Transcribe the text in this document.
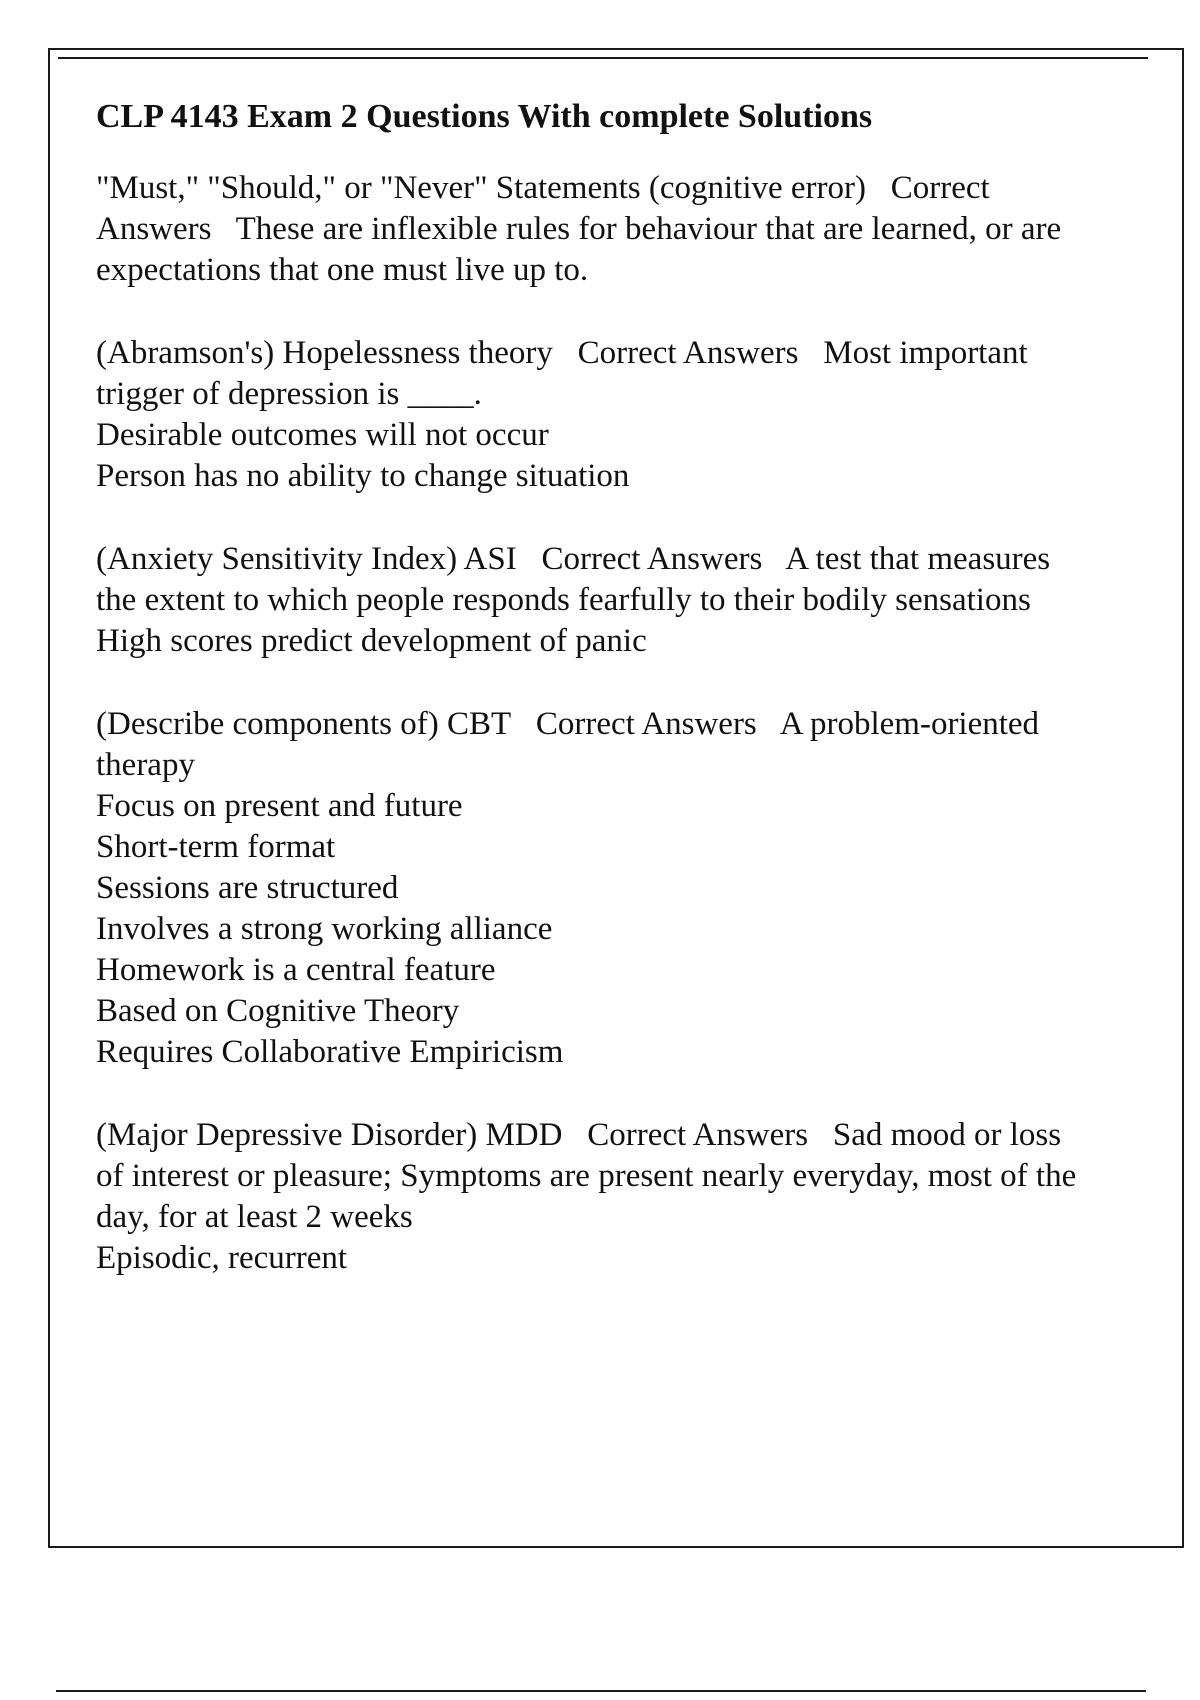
CLP 4143 Exam 2 Questions With complete Solutions
"Must," "Should," or "Never" Statements (cognitive error) Correct Answers These are inflexible rules for behaviour that are learned, or are expectations that one must live up to.
(Abramson's) Hopelessness theory Correct Answers Most important trigger of depression is ____.
Desirable outcomes will not occur
Person has no ability to change situation
(Anxiety Sensitivity Index) ASI Correct Answers A test that measures the extent to which people responds fearfully to their bodily sensations
High scores predict development of panic
(Describe components of) CBT Correct Answers A problem-oriented therapy
Focus on present and future
Short-term format
Sessions are structured
Involves a strong working alliance
Homework is a central feature
Based on Cognitive Theory
Requires Collaborative Empiricism
(Major Depressive Disorder) MDD Correct Answers Sad mood or loss of interest or pleasure; Symptoms are present nearly everyday, most of the day, for at least 2 weeks
Episodic, recurrent
